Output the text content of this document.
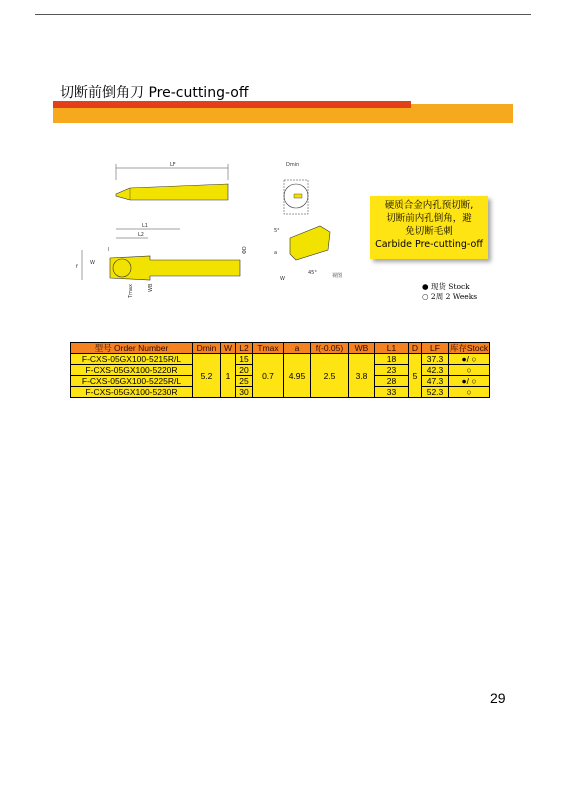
切断前倒角刀 Pre-cutting-off
LF
L1
L2
f
W
l
Tmax	WB
ΦD
Dmin
5°
a
W
45°	视图
硬质合金内孔预切断,
切断前内孔倒角，避
免切断毛刺
Carbide Pre-cutting-off
● 现货 Stock
○ 2周 2 Weeks
型号 Order Number	Dmin	W	L2	Tmax	a	f(-0.05)	WB	L1	D	LF	库存Stock
F-CXS-05GX100-5215R/L	5.2	1	15	0.7	4.95	2.5	3.8	18	5	37.3	●/ ○
F-CXS-05GX100-5220R			20					23		42.3	○
F-CXS-05GX100-5225R/L			25					28		47.3	●/ ○
F-CXS-05GX100-5230R			30					33		52.3	○
29
